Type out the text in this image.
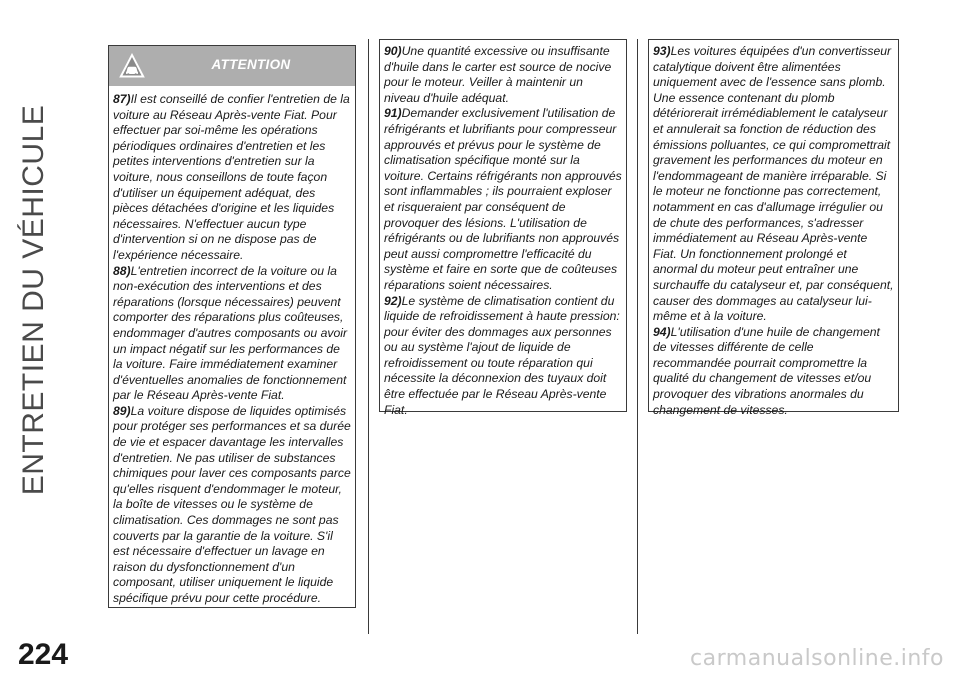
ENTRETIEN DU VÉHICULE
ATTENTION

87)Il est conseillé de confier l'entretien de la voiture au Réseau Après-vente Fiat. Pour effectuer par soi-même les opérations périodiques ordinaires d'entretien et les petites interventions d'entretien sur la voiture, nous conseillons de toute façon d'utiliser un équipement adéquat, des pièces détachées d'origine et les liquides nécessaires. N'effectuer aucun type d'intervention si on ne dispose pas de l'expérience nécessaire.

88)L'entretien incorrect de la voiture ou la non-exécution des interventions et des réparations (lorsque nécessaires) peuvent comporter des réparations plus coûteuses, endommager d'autres composants ou avoir un impact négatif sur les performances de la voiture. Faire immédiatement examiner d'éventuelles anomalies de fonctionnement par le Réseau Après-vente Fiat.

89)La voiture dispose de liquides optimisés pour protéger ses performances et sa durée de vie et espacer davantage les intervalles d'entretien. Ne pas utiliser de substances chimiques pour laver ces composants parce qu'elles risquent d'endommager le moteur, la boîte de vitesses ou le système de climatisation. Ces dommages ne sont pas couverts par la garantie de la voiture. S'il est nécessaire d'effectuer un lavage en raison du dysfonctionnement d'un composant, utiliser uniquement le liquide spécifique prévu pour cette procédure.

90)Une quantité excessive ou insuffisante d'huile dans le carter est source de nocive pour le moteur. Veiller à maintenir un niveau d'huile adéquat.

91)Demander exclusivement l'utilisation de réfrigérants et lubrifiants pour compresseur approuvés et prévus pour le système de climatisation spécifique monté sur la voiture. Certains réfrigérants non approuvés sont inflammables ; ils pourraient exploser et risqueraient par conséquent de provoquer des lésions. L'utilisation de réfrigérants ou de lubrifiants non approuvés peut aussi compromettre l'efficacité du système et faire en sorte que de coûteuses réparations soient nécessaires.

92)Le système de climatisation contient du liquide de refroidissement à haute pression: pour éviter des dommages aux personnes ou au système l'ajout de liquide de refroidissement ou toute réparation qui nécessite la déconnexion des tuyaux doit être effectuée par le Réseau Après-vente Fiat.

93)Les voitures équipées d'un convertisseur catalytique doivent être alimentées uniquement avec de l'essence sans plomb. Une essence contenant du plomb détériorerait irrémédiablement le catalyseur et annulerait sa fonction de réduction des émissions polluantes, ce qui compromettrait gravement les performances du moteur en l'endommageant de manière irréparable. Si le moteur ne fonctionne pas correctement, notamment en cas d'allumage irrégulier ou de chute des performances, s'adresser immédiatement au Réseau Après-vente Fiat. Un fonctionnement prolongé et anormal du moteur peut entraîner une surchauffe du catalyseur et, par conséquent, causer des dommages au catalyseur lui-même et à la voiture.

94)L'utilisation d'une huile de changement de vitesses différente de celle recommandée pourrait compromettre la qualité du changement de vitesses et/ou provoquer des vibrations anormales du changement de vitesses.

224	carmanualsonline.info
